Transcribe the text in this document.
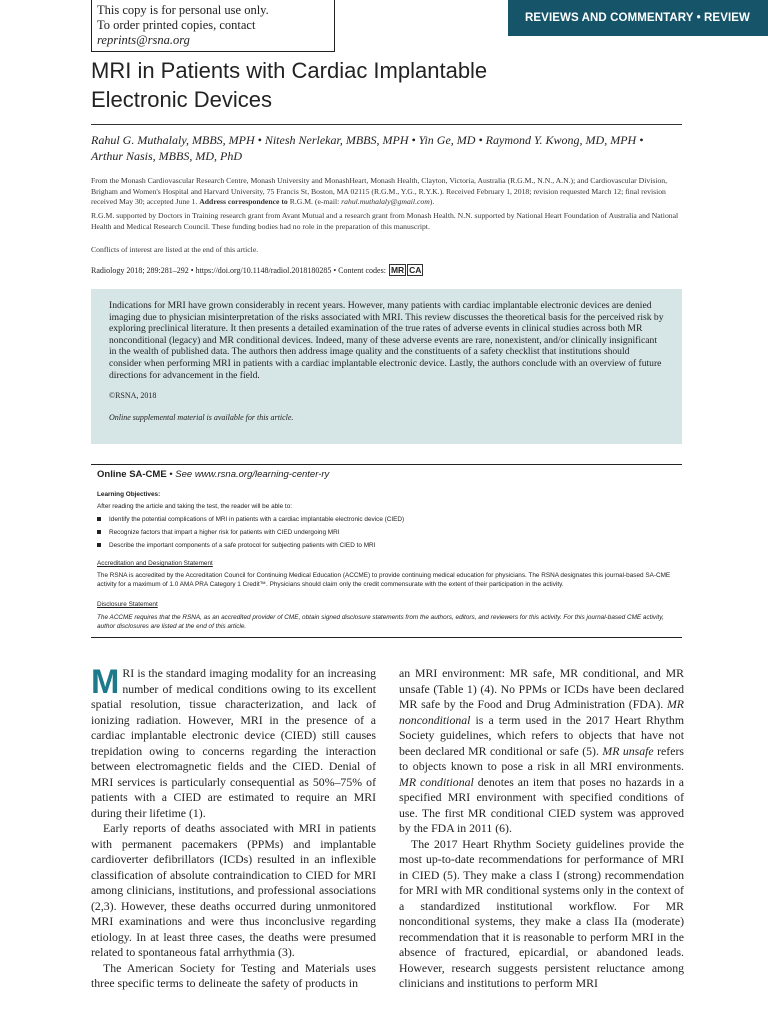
This copy is for personal use only.
To order printed copies, contact reprints@rsna.org
REVIEWS AND COMMENTARY • REVIEW
MRI in Patients with Cardiac Implantable
Electronic Devices
Rahul G. Muthalaly, MBBS, MPH • Nitesh Nerlekar, MBBS, MPH • Yin Ge, MD • Raymond Y. Kwong, MD, MPH •
Arthur Nasis, MBBS, MD, PhD
From the Monash Cardiovascular Research Centre, Monash University and MonashHeart, Monash Health, Clayton, Victoria, Australia (R.G.M., N.N., A.N.); and Cardiovascular Division, Brigham and Women's Hospital and Harvard University, 75 Francis St, Boston, MA 02115 (R.G.M., Y.G., R.Y.K.). Received February 1, 2018; revision requested March 12; final revision received May 30; accepted June 1. Address correspondence to R.G.M. (e-mail: rahul.muthalaly@gmail.com).
R.G.M. supported by Doctors in Training research grant from Avant Mutual and a research grant from Monash Health. N.N. supported by National Heart Foundation of Australia and National Health and Medical Research Council. These funding bodies had no role in the preparation of this manuscript.
Conflicts of interest are listed at the end of this article.
Radiology 2018; 289:281–292 • https://doi.org/10.1148/radiol.2018180285 • Content codes: MR CA

Indications for MRI have grown considerably in recent years. However, many patients with cardiac implantable electronic devices are denied imaging due to physician misinterpretation of the risks associated with MRI. This review discusses the theoretical basis for the perceived risk by exploring preclinical literature. It then presents a detailed examination of the true rates of adverse events in clinical studies across both MR nonconditional (legacy) and MR conditional devices. Indeed, many of these adverse events are rare, nonexistent, and/or clinically insignificant in the wealth of published data. The authors then address image quality and the constituents of a safety checklist that institutions should consider when performing MRI in patients with a cardiac implantable electronic device. Lastly, the authors conclude with an overview of future directions for advancement in the field.

©RSNA, 2018

Online supplemental material is available for this article.

Online SA-CME • See www.rsna.org/learning-center-ry
Learning Objectives:
After reading the article and taking the test, the reader will be able to:
Identify the potential complications of MRI in patients with a cardiac implantable electronic device (CIED)
Recognize factors that impart a higher risk for patients with CIED undergoing MRI
Describe the important components of a safe protocol for subjecting patients with CIED to MRI
Accreditation and Designation Statement
The RSNA is accredited by the Accreditation Council for Continuing Medical Education (ACCME) to provide continuing medical education for physicians. The RSNA designates this journal-based SA-CME activity for a maximum of 1.0 AMA PRA Category 1 Credit™. Physicians should claim only the credit commensurate with the extent of their participation in the activity.
Disclosure Statement
The ACCME requires that the RSNA, as an accredited provider of CME, obtain signed disclosure statements from the authors, editors, and reviewers for this activity. For this journal-based CME activity, author disclosures are listed at the end of this article.

MRI is the standard imaging modality for an increasing number of medical conditions owing to its excellent spatial resolution, tissue characterization, and lack of ionizing radiation. However, MRI in the presence of a cardiac implantable electronic device (CIED) still causes trepidation owing to concerns regarding the interaction between electromagnetic fields and the CIED. Denial of MRI services is particularly consequential as 50%–75% of patients with a CIED are estimated to require an MRI during their lifetime (1).

Early reports of deaths associated with MRI in patients with permanent pacemakers (PPMs) and implantable cardioverter defibrillators (ICDs) resulted in an inflexible classification of absolute contraindication to CIED for MRI among clinicians, institutions, and professional associations (2,3). However, these deaths occurred during unmonitored MRI examinations and were thus inconclusive regarding etiology. In at least three cases, the deaths were presumed related to spontaneous fatal arrhythmia (3).

The American Society for Testing and Materials uses three specific terms to delineate the safety of products in

an MRI environment: MR safe, MR conditional, and MR unsafe (Table 1) (4). No PPMs or ICDs have been declared MR safe by the Food and Drug Administration (FDA). MR nonconditional is a term used in the 2017 Heart Rhythm Society guidelines, which refers to objects that have not been declared MR conditional or safe (5). MR unsafe refers to objects known to pose a risk in all MRI environments. MR conditional denotes an item that poses no hazards in a specified MRI environment with specified conditions of use. The first MR conditional CIED system was approved by the FDA in 2011 (6).

The 2017 Heart Rhythm Society guidelines provide the most up-to-date recommendations for performance of MRI in CIED (5). They make a class I (strong) recommendation for MRI with MR conditional systems only in the context of a standardized institutional workflow. For MR nonconditional systems, they make a class IIa (moderate) recommendation that it is reasonable to perform MRI in the absence of fractured, epicardial, or abandoned leads. However, research suggests persistent reluctance among clinicians and institutions to perform MRI
